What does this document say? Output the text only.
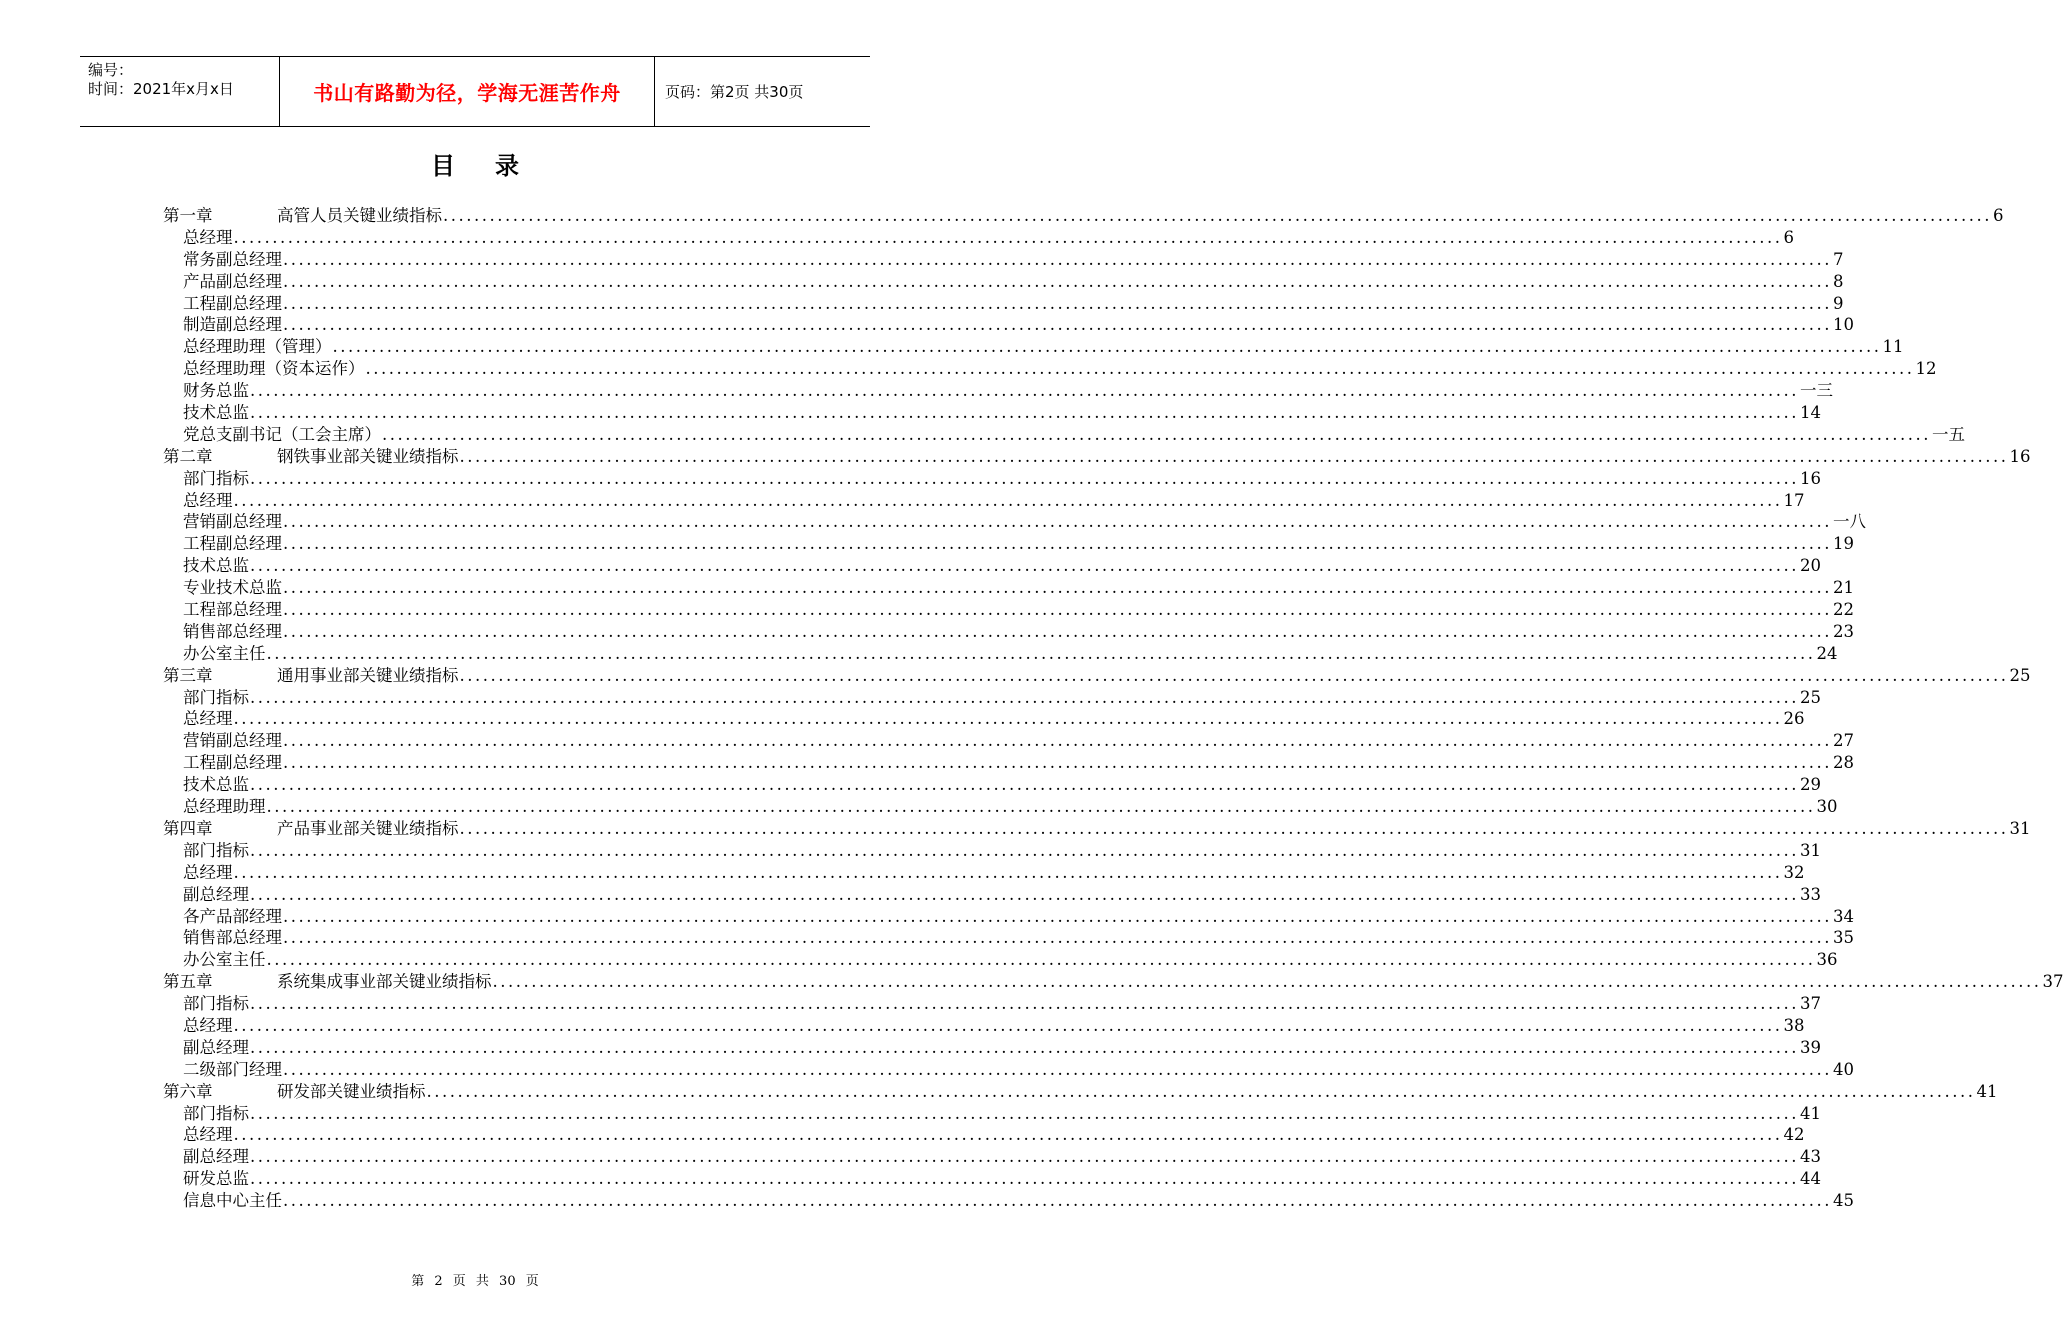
编号：
时间：2021年x月x日	书山有路勤为径，学海无涯苦作舟	页码：第2页 共30页
目录
第一章	高管人员关键业绩指标 ........................................................................................................................................................................................................ 6
总经理 ........................................................................................................................................................................................................ 6
常务副总经理 ........................................................................................................................................................................................................ 7
产品副总经理 ........................................................................................................................................................................................................ 8
工程副总经理 ........................................................................................................................................................................................................ 9
制造副总经理 ........................................................................................................................................................................................................ 10
总经理助理（管理） ........................................................................................................................................................................................................ 11
总经理助理（资本运作） ........................................................................................................................................................................................................ 12
财务总监 ........................................................................................................................................................................................................ 一三
技术总监 ........................................................................................................................................................................................................ 14
党总支副书记（工会主席） ........................................................................................................................................................................................................ 一五
第二章	钢铁事业部关键业绩指标 ........................................................................................................................................................................................................ 16
部门指标 ........................................................................................................................................................................................................ 16
总经理 ........................................................................................................................................................................................................ 17
营销副总经理 ........................................................................................................................................................................................................ 一八
工程副总经理 ........................................................................................................................................................................................................ 19
技术总监 ........................................................................................................................................................................................................ 20
专业技术总监 ........................................................................................................................................................................................................ 21
工程部总经理 ........................................................................................................................................................................................................ 22
销售部总经理 ........................................................................................................................................................................................................ 23
办公室主任 ........................................................................................................................................................................................................ 24
第三章	通用事业部关键业绩指标 ........................................................................................................................................................................................................ 25
部门指标 ........................................................................................................................................................................................................ 25
总经理 ........................................................................................................................................................................................................ 26
营销副总经理 ........................................................................................................................................................................................................ 27
工程副总经理 ........................................................................................................................................................................................................ 28
技术总监 ........................................................................................................................................................................................................ 29
总经理助理 ........................................................................................................................................................................................................ 30
第四章	产品事业部关键业绩指标 ........................................................................................................................................................................................................ 31
部门指标 ........................................................................................................................................................................................................ 31
总经理 ........................................................................................................................................................................................................ 32
副总经理 ........................................................................................................................................................................................................ 33
各产品部经理 ........................................................................................................................................................................................................ 34
销售部总经理 ........................................................................................................................................................................................................ 35
办公室主任 ........................................................................................................................................................................................................ 36
第五章	系统集成事业部关键业绩指标 ........................................................................................................................................................................................................ 37
部门指标 ........................................................................................................................................................................................................ 37
总经理 ........................................................................................................................................................................................................ 38
副总经理 ........................................................................................................................................................................................................ 39
二级部门经理 ........................................................................................................................................................................................................ 40
第六章	研发部关键业绩指标 ........................................................................................................................................................................................................ 41
部门指标 ........................................................................................................................................................................................................ 41
总经理 ........................................................................................................................................................................................................ 42
副总经理 ........................................................................................................................................................................................................ 43
研发总监 ........................................................................................................................................................................................................ 44
信息中心主任 ........................................................................................................................................................................................................ 45
第 2 页 共 30 页
